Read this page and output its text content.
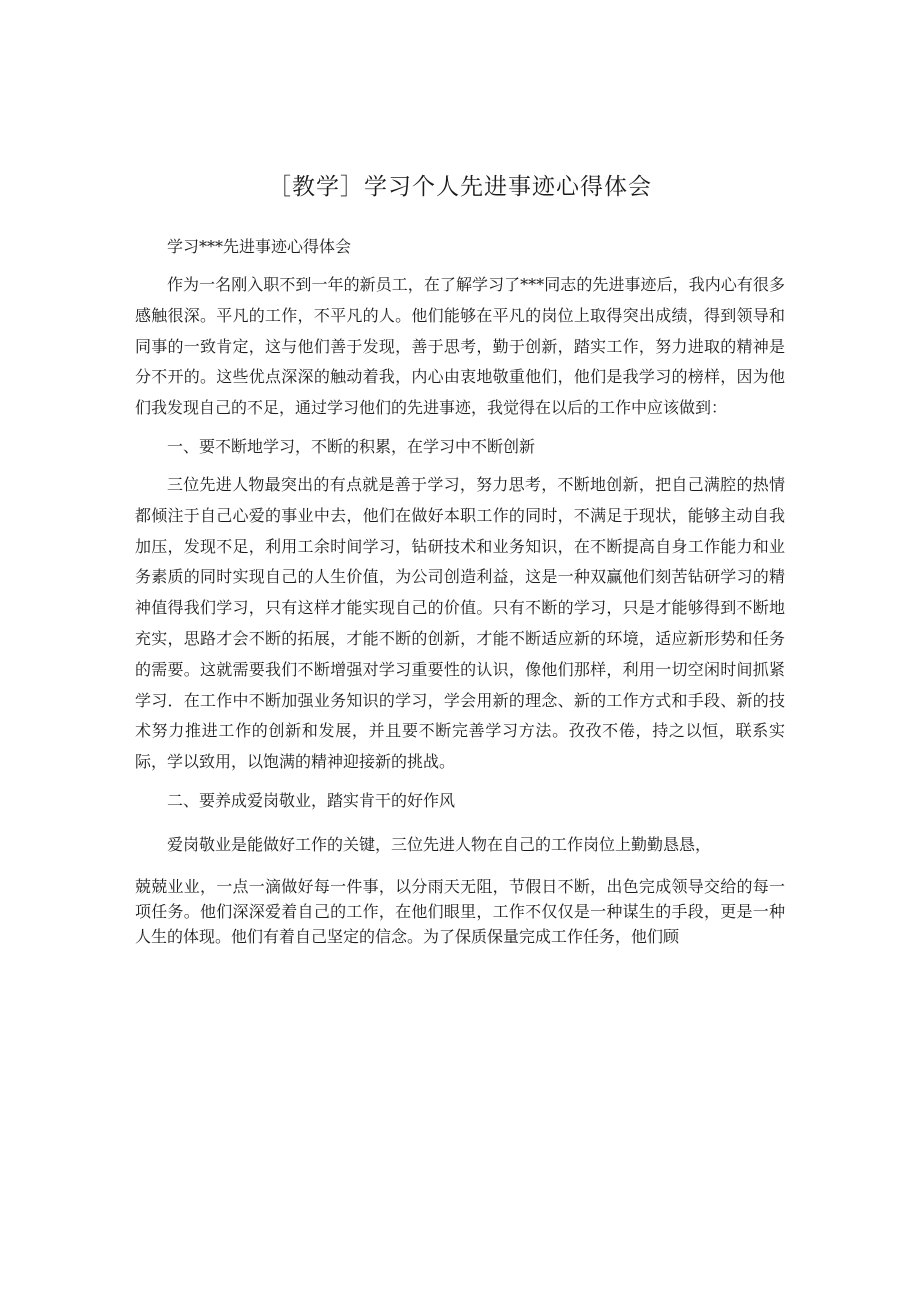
［教学］学习个人先进事迹心得体会

学习***先进事迹心得体会

作为一名刚入职不到一年的新员工，在了解学习了***同志的先进事迹后，我内心有很多感触很深。平凡的工作，不平凡的人。他们能够在平凡的岗位上取得突出成绩，得到领导和同事的一致肯定，这与他们善于发现，善于思考，勤于创新，踏实工作，努力进取的精神是分不开的。这些优点深深的触动着我，内心由衷地敬重他们，他们是我学习的榜样，因为他们我发现自己的不足，通过学习他们的先进事迹，我觉得在以后的工作中应该做到：

一、要不断地学习，不断的积累，在学习中不断创新

三位先进人物最突出的有点就是善于学习，努力思考，不断地创新，把自己满腔的热情都倾注于自己心爱的事业中去，他们在做好本职工作的同时，不满足于现状，能够主动自我加压，发现不足，利用工余时间学习，钻研技术和业务知识，在不断提高自身工作能力和业务素质的同时实现自己的人生价值，为公司创造利益，这是一种双赢他们刻苦钻研学习的精神值得我们学习，只有这样才能实现自己的价值。只有不断的学习，只是才能够得到不断地充实，思路才会不断的拓展，才能不断的创新，才能不断适应新的环境，适应新形势和任务的需要。这就需要我们不断增强对学习重要性的认识，像他们那样，利用一切空闲时间抓紧学习．在工作中不断加强业务知识的学习，学会用新的理念、新的工作方式和手段、新的技术努力推进工作的创新和发展，并且要不断完善学习方法。孜孜不倦，持之以恒，联系实际，学以致用，以饱满的精神迎接新的挑战。

二、要养成爱岗敬业，踏实肯干的好作风

爱岗敬业是能做好工作的关键，三位先进人物在自己的工作岗位上勤勤恳恳，

兢兢业业，一点一滴做好每一件事，以分雨天无阻，节假日不断，出色完成领导交给的每一项任务。他们深深爱着自己的工作，在他们眼里，工作不仅仅是一种谋生的手段，更是一种人生的体现。他们有着自己坚定的信念。为了保质保量完成工作任务，他们顾
